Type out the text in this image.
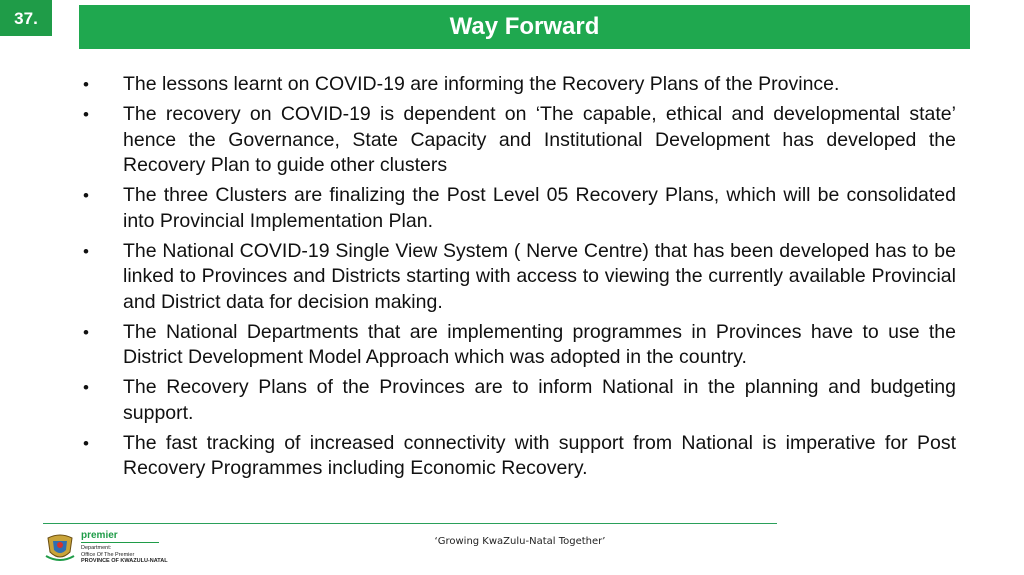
37.	Way Forward
• The lessons learnt on COVID-19 are informing the Recovery Plans of the Province.
• The recovery on COVID-19 is dependent on ‘The capable, ethical and developmental state’ hence the Governance, State Capacity and Institutional Development has developed the Recovery Plan to guide other clusters
• The three Clusters are finalizing the Post Level 05 Recovery Plans, which will be consolidated into Provincial Implementation Plan.
• The National COVID-19 Single View System ( Nerve Centre) that has been developed has to be linked to Provinces and Districts starting with access to viewing the currently available Provincial and District data for decision making.
• The National Departments that are implementing programmes in Provinces have to use the District Development Model Approach which was adopted in the country.
• The Recovery Plans of the Provinces are to inform National in the planning and budgeting support.
• The fast tracking of increased connectivity with support from National is imperative for Post Recovery Programmes including Economic Recovery.
premier
Department:
Office Of The Premier
PROVINCE OF KWAZULU-NATAL
‘Growing KwaZulu-Natal Together’
